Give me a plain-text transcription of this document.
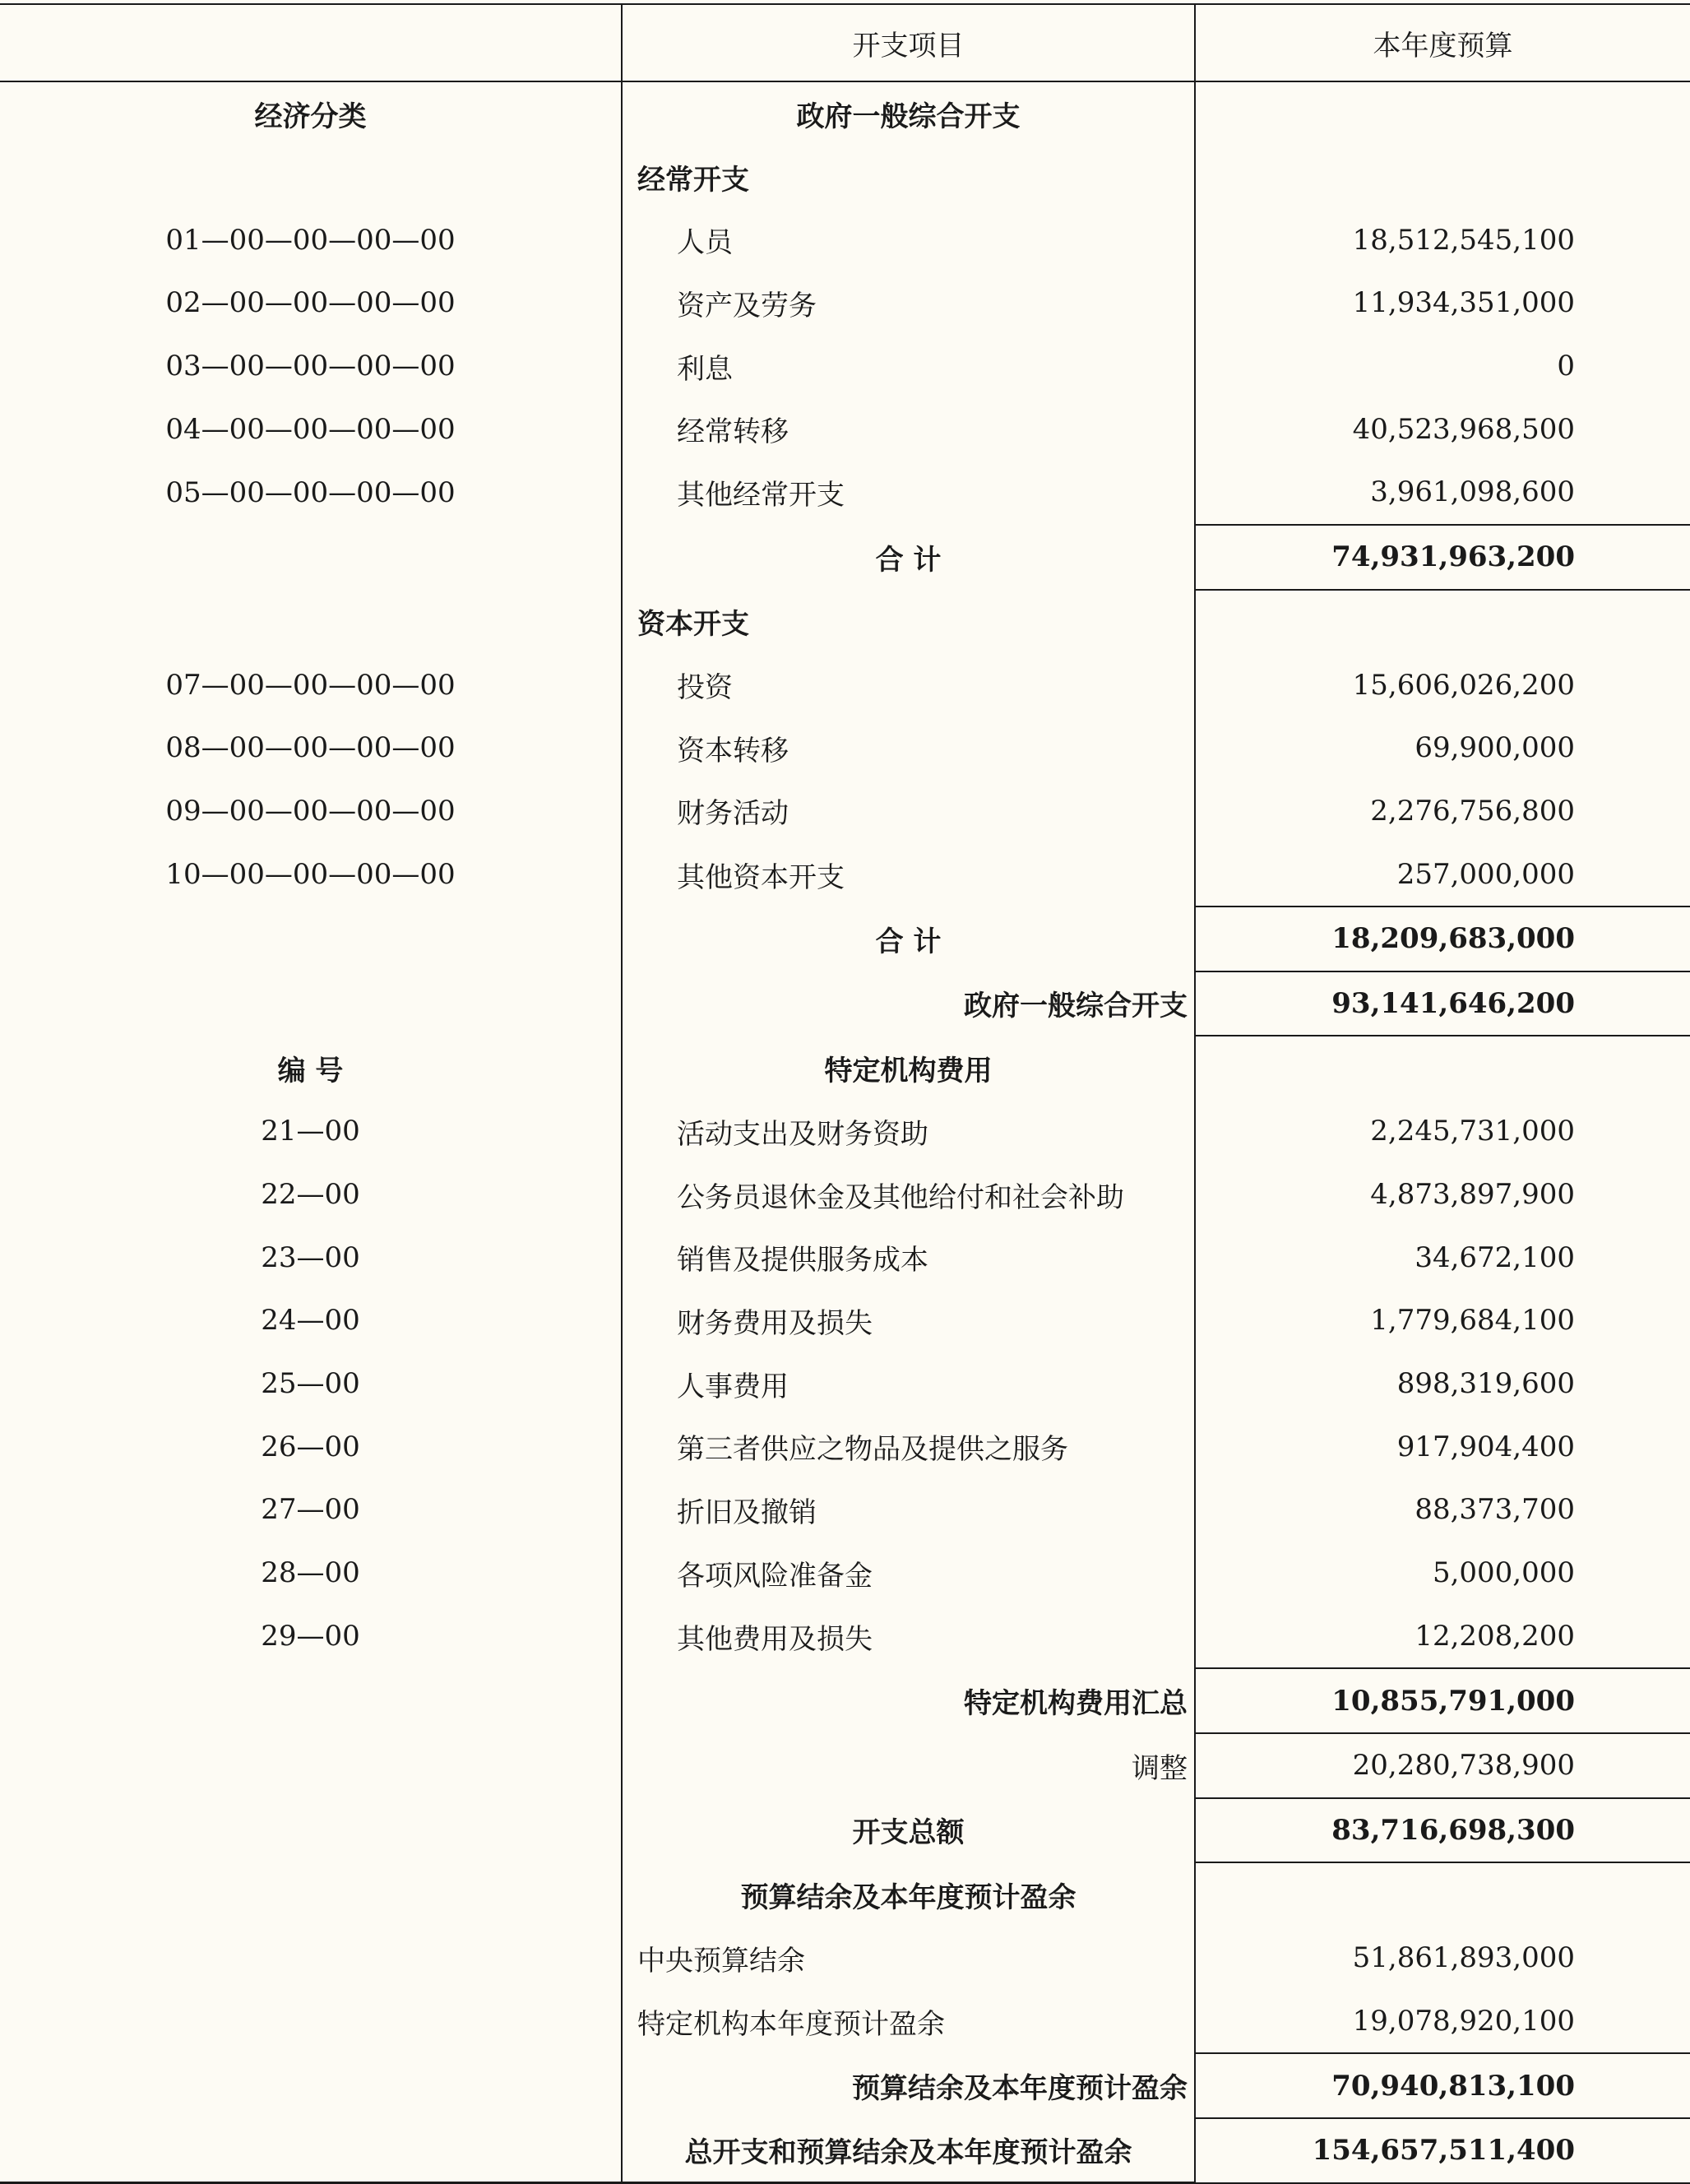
	开支项目	本年度预算
经济分类	政府一般综合开支	
	经常开支	
01—00—00—00—00	人员	18,512,545,100
02—00—00—00—00	资产及劳务	11,934,351,000
03—00—00—00—00	利息	0
04—00—00—00—00	经常转移	40,523,968,500
05—00—00—00—00	其他经常开支	3,961,098,600
	合 计	74,931,963,200
	资本开支	
07—00—00—00—00	投资	15,606,026,200
08—00—00—00—00	资本转移	69,900,000
09—00—00—00—00	财务活动	2,276,756,800
10—00—00—00—00	其他资本开支	257,000,000
	合 计	18,209,683,000
	政府一般综合开支	93,141,646,200
编 号	特定机构费用	
21—00	活动支出及财务资助	2,245,731,000
22—00	公务员退休金及其他给付和社会补助	4,873,897,900
23—00	销售及提供服务成本	34,672,100
24—00	财务费用及损失	1,779,684,100
25—00	人事费用	898,319,600
26—00	第三者供应之物品及提供之服务	917,904,400
27—00	折旧及撤销	88,373,700
28—00	各项风险准备金	5,000,000
29—00	其他费用及损失	12,208,200
	特定机构费用汇总	10,855,791,000
	调整	20,280,738,900
	开支总额	83,716,698,300
	预算结余及本年度预计盈余	
	中央预算结余	51,861,893,000
	特定机构本年度预计盈余	19,078,920,100
	预算结余及本年度预计盈余	70,940,813,100
	总开支和预算结余及本年度预计盈余	154,657,511,400
